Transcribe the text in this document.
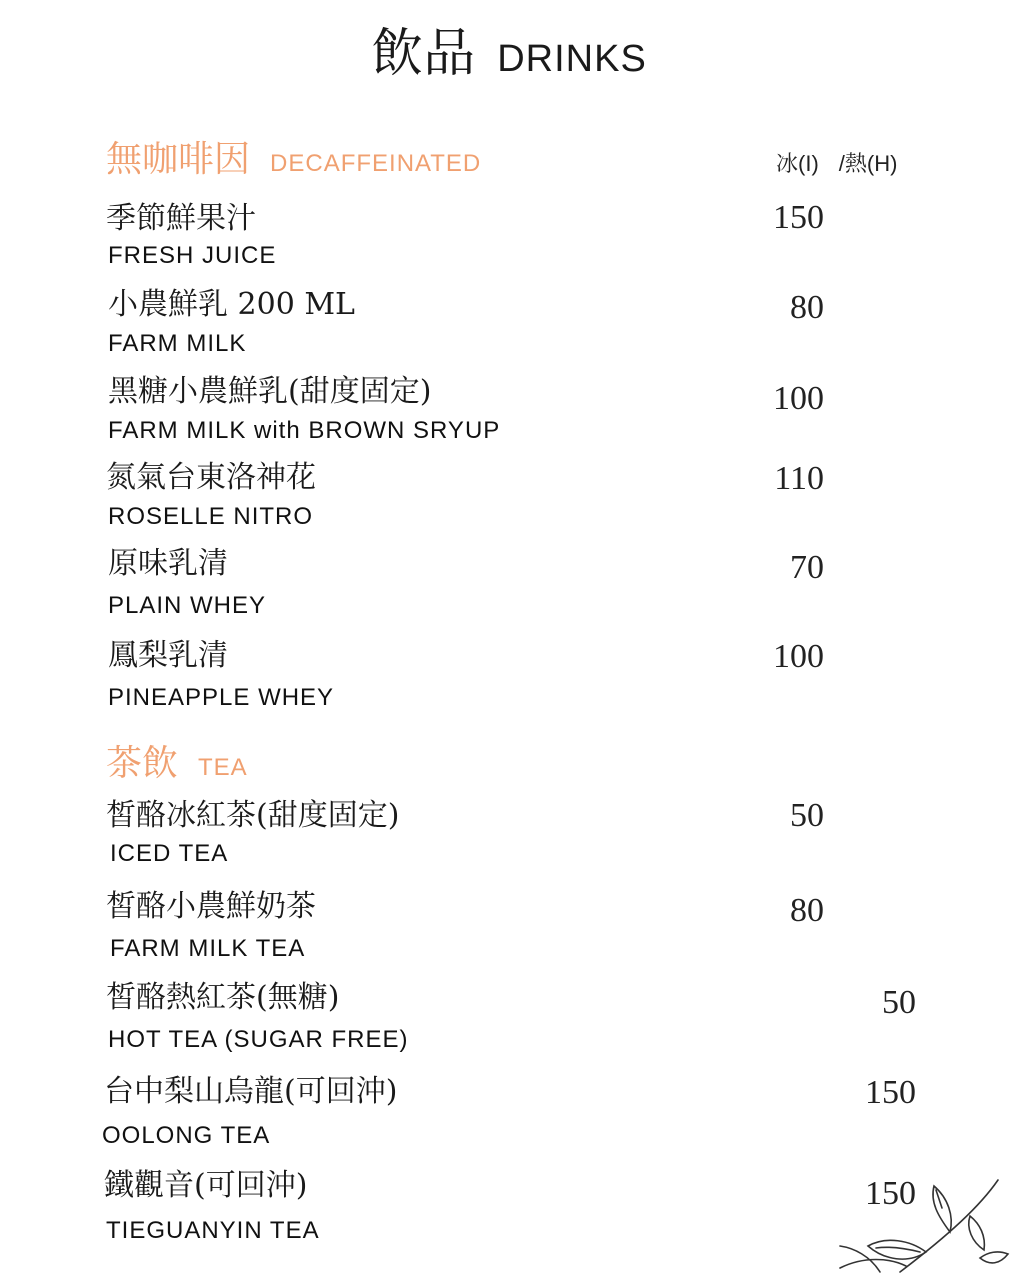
飲品 DRINKS
無咖啡因 DECAFFEINATED	冰(I) /熱(H)
季節鮮果汁
FRESH JUICE
150
小農鮮乳 200 ML
FARM MILK
80
黑糖小農鮮乳(甜度固定)
FARM MILK with BROWN SRYUP
100
氮氣台東洛神花
ROSELLE NITRO
110
原味乳清
PLAIN WHEY
70
鳳梨乳清
PINEAPPLE WHEY
100
茶飲 TEA
皙酪冰紅茶(甜度固定)
ICED TEA
50
皙酪小農鮮奶茶
FARM MILK TEA
80
皙酪熱紅茶(無糖)
HOT TEA (SUGAR FREE)
50
台中梨山烏龍(可回沖)
OOLONG TEA
150
鐵觀音(可回沖)
TIEGUANYIN TEA
150
